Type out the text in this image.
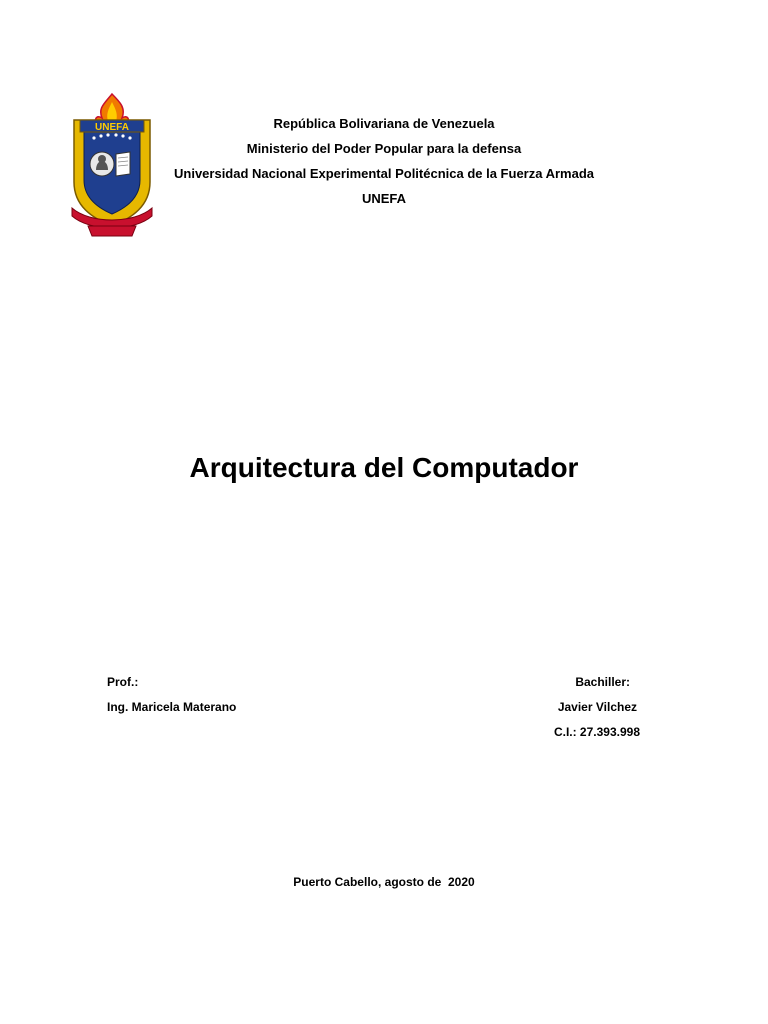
UNEFA	República Bolivariana de Venezuela
Ministerio del Poder Popular para la defensa
Universidad Nacional Experimental Politécnica de la Fuerza Armada
UNEFA
Arquitectura del Computador
Prof.:
Ing. Maricela Materano
Bachiller:
Javier Vilchez
C.I.: 27.393.998
Puerto Cabello, agosto de  2020
